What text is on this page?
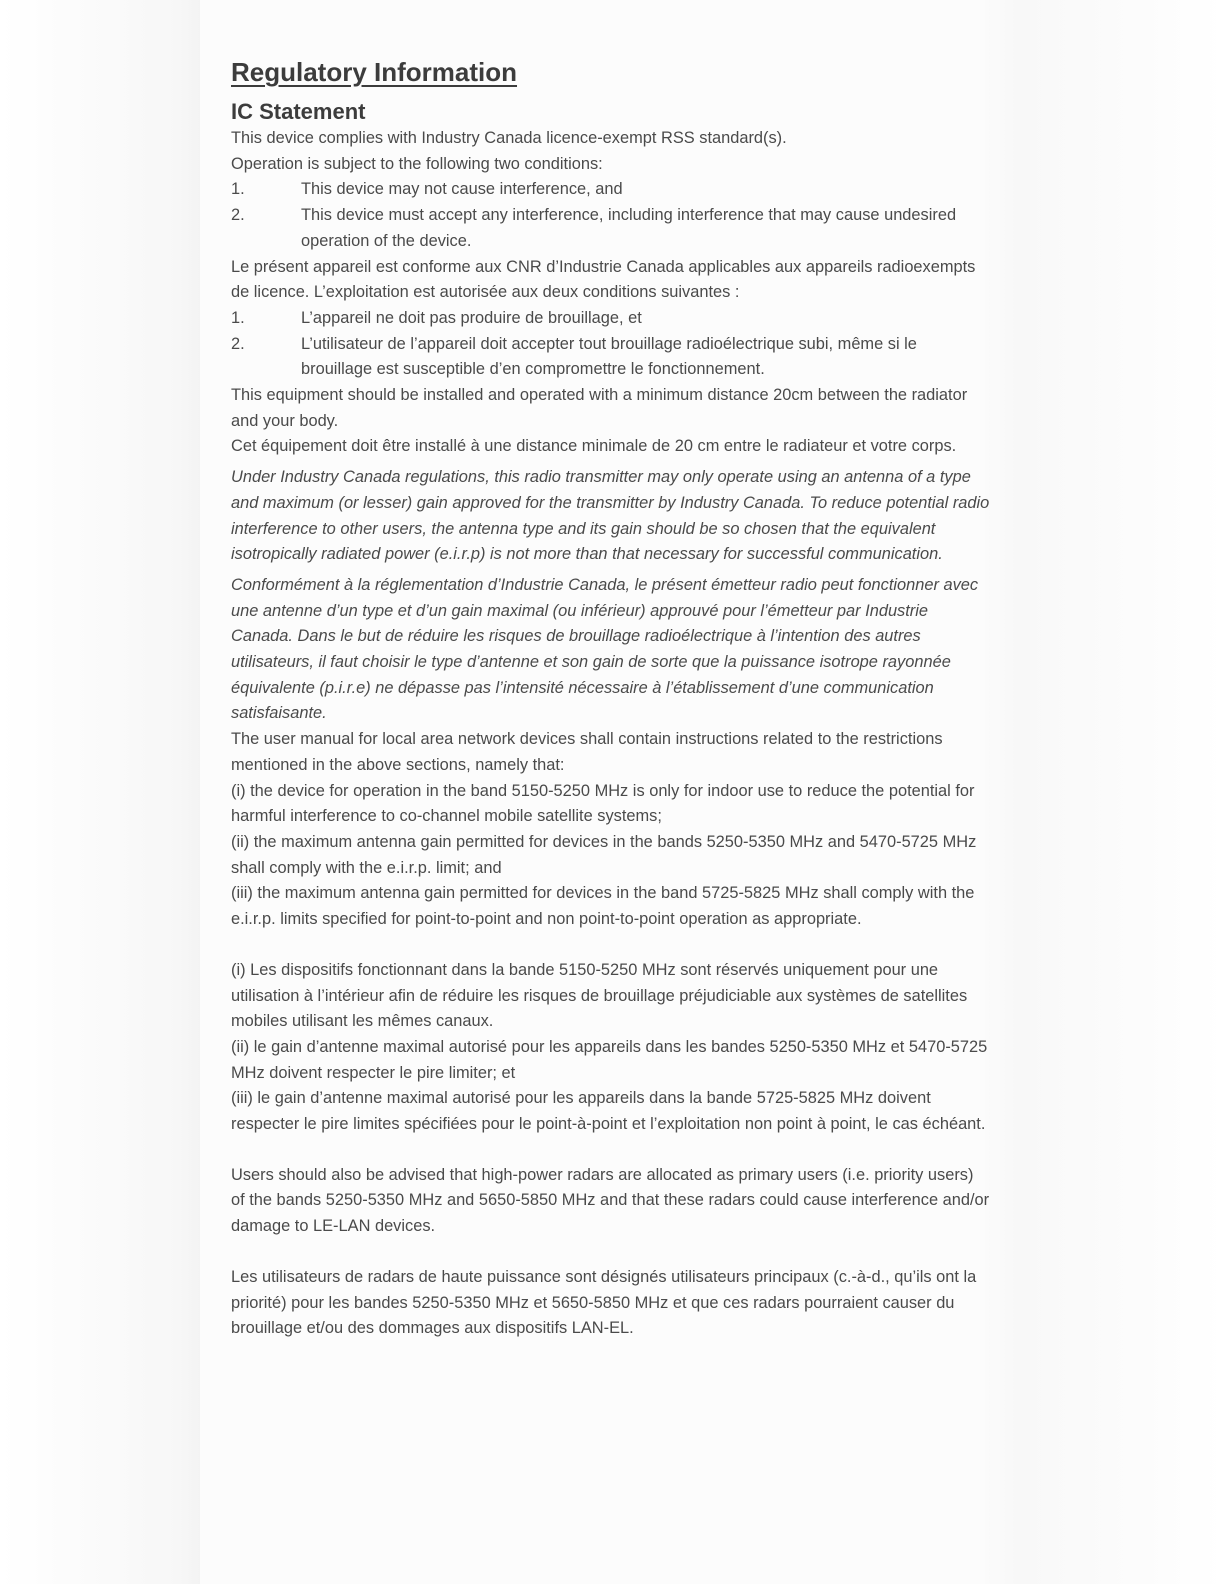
Regulatory Information
IC Statement

This device complies with Industry Canada licence-exempt RSS standard(s).

Operation is subject to the following two conditions:

1.	This device may not cause interference, and
2.	This device must accept any interference, including interference that may cause undesired operation of the device.

Le présent appareil est conforme aux CNR d’Industrie Canada applicables aux appareils radioexempts de licence. L’exploitation est autorisée aux deux conditions suivantes :

1.	L’appareil ne doit pas produire de brouillage, et
2.	L’utilisateur de l’appareil doit accepter tout brouillage radioélectrique subi, même si le brouillage est susceptible d’en compromettre le fonctionnement.

This equipment should be installed and operated with a minimum distance 20cm between the radiator and your body.

Cet équipement doit être installé à une distance minimale de 20 cm entre le radiateur et votre corps.

Under Industry Canada regulations, this radio transmitter may only operate using an antenna of a type and maximum (or lesser) gain approved for the transmitter by Industry Canada. To reduce potential radio interference to other users, the antenna type and its gain should be so chosen that the equivalent isotropically radiated power (e.i.r.p) is not more than that necessary for successful communication.

Conformément à la réglementation d’Industrie Canada, le présent émetteur radio peut fonctionner avec une antenne d’un type et d’un gain maximal (ou inférieur) approuvé pour l’émetteur par Industrie Canada. Dans le but de réduire les risques de brouillage radioélectrique à l’intention des autres utilisateurs, il faut choisir le type d’antenne et son gain de sorte que la puissance isotrope rayonnée équivalente (p.i.r.e) ne dépasse pas l’intensité nécessaire à l’établissement d’une communication satisfaisante.

The user manual for local area network devices shall contain instructions related to the restrictions mentioned in the above sections, namely that:

(i) the device for operation in the band 5150-5250 MHz is only for indoor use to reduce the potential for harmful interference to co-channel mobile satellite systems;

(ii) the maximum antenna gain permitted for devices in the bands 5250-5350 MHz and 5470-5725 MHz shall comply with the e.i.r.p. limit; and

(iii) the maximum antenna gain permitted for devices in the band 5725-5825 MHz shall comply with the e.i.r.p. limits specified for point-to-point and non point-to-point operation as appropriate.

(i) Les dispositifs fonctionnant dans la bande 5150-5250 MHz sont réservés uniquement pour une utilisation à l’intérieur afin de réduire les risques de brouillage préjudiciable aux systèmes de satellites mobiles utilisant les mêmes canaux.

(ii) le gain d’antenne maximal autorisé pour les appareils dans les bandes 5250-5350 MHz et 5470-5725 MHz doivent respecter le pire limiter; et

(iii) le gain d’antenne maximal autorisé pour les appareils dans la bande 5725-5825 MHz doivent respecter le pire limites spécifiées pour le point-à-point et l’exploitation non point à point, le cas échéant.

Users should also be advised that high-power radars are allocated as primary users (i.e. priority users) of the bands 5250-5350 MHz and 5650-5850 MHz and that these radars could cause interference and/or damage to LE-LAN devices.

Les utilisateurs de radars de haute puissance sont désignés utilisateurs principaux (c.-à-d., qu’ils ont la priorité) pour les bandes 5250-5350 MHz et 5650-5850 MHz et que ces radars pourraient causer du brouillage et/ou des dommages aux dispositifs LAN-EL.
